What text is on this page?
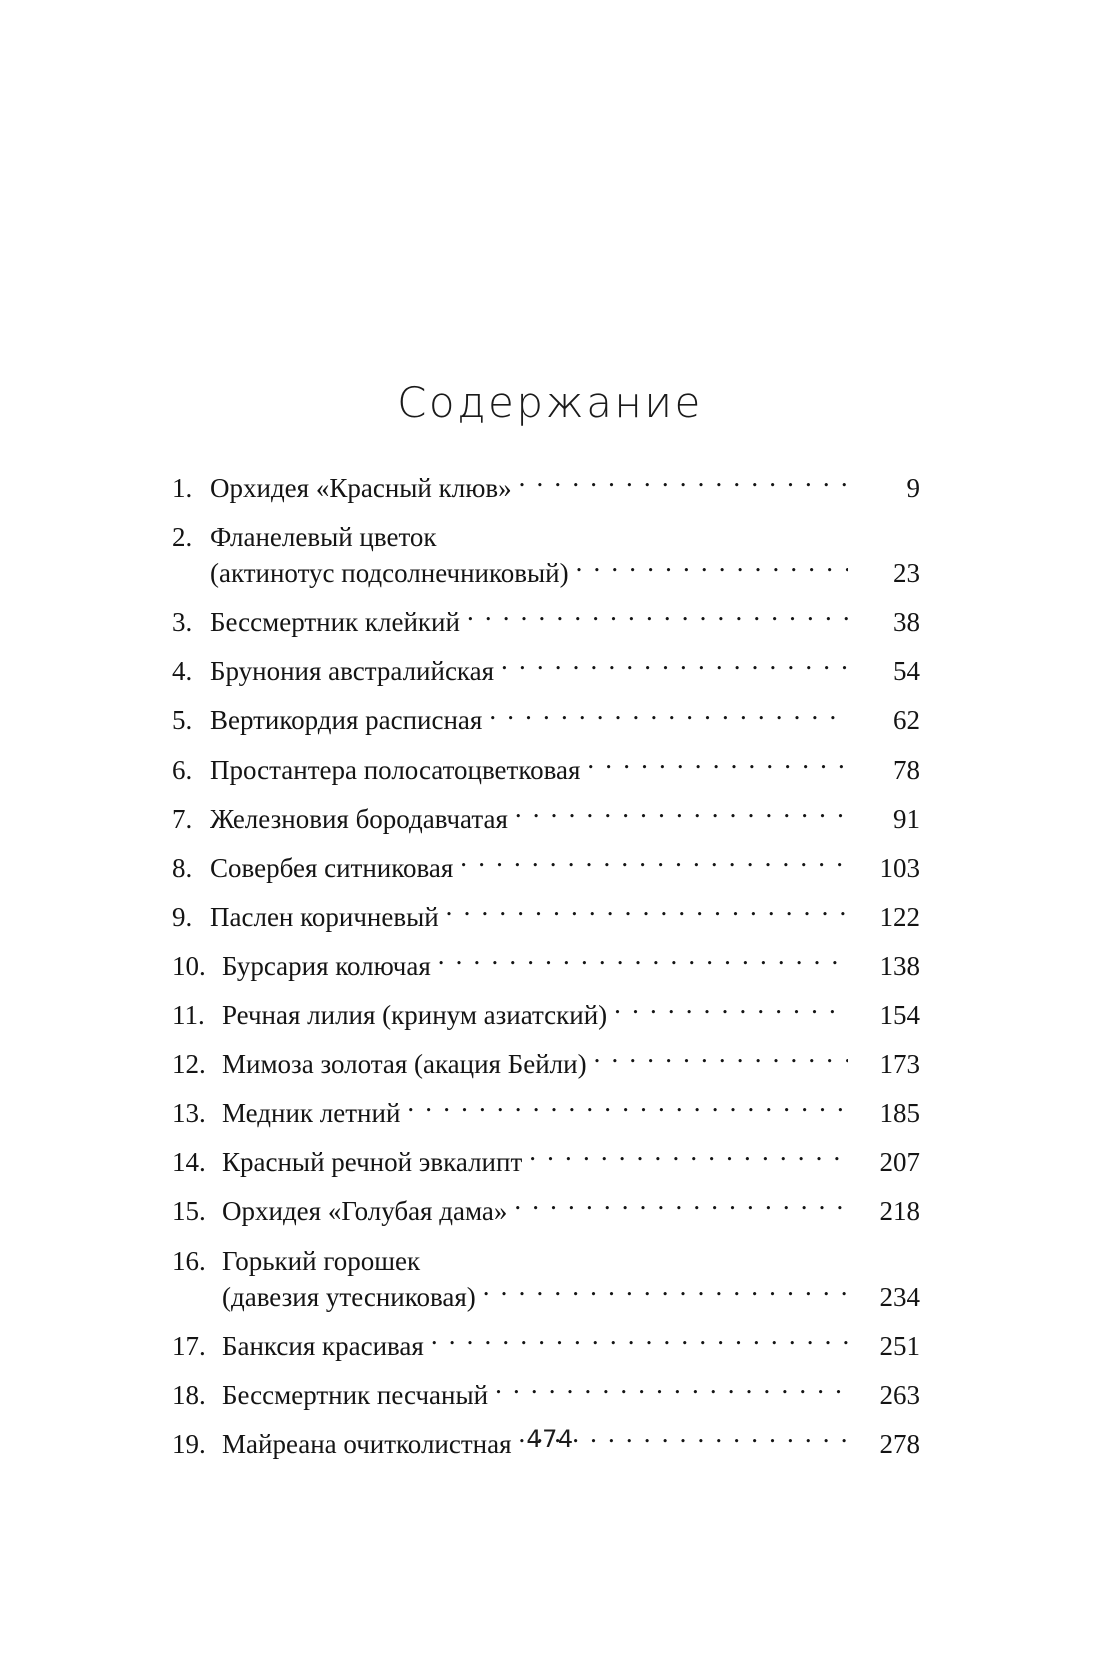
Содержание
1. Орхидея «Красный клюв» . . .	9
2. Фланелевый цветок
(актинотус подсолнечниковый) . . .	23
3. Бессмертник клейкий . . .	38
4. Брунония австралийская . . .	54
5. Вертикордия расписная . . .	62
6. Простантера полосатоцветковая . . .	78
7. Железновия бородавчатая . . .	91
8. Совербея ситниковая . . .	103
9. Паслен коричневый . . .	122
10. Бурсария колючая . . .	138
11. Речная лилия (кринум азиатский) . . .	154
12. Мимоза золотая (акация Бейли) . . .	173
13. Медник летний . . .	185
14. Красный речной эвкалипт . . .	207
15. Орхидея «Голубая дама» . . .	218
16. Горький горошек
(давезия утесниковая) . . .	234
17. Банксия красивая . . .	251
18. Бессмертник песчаный . . .	263
19. Майреана очитколистная . . .	278
474
